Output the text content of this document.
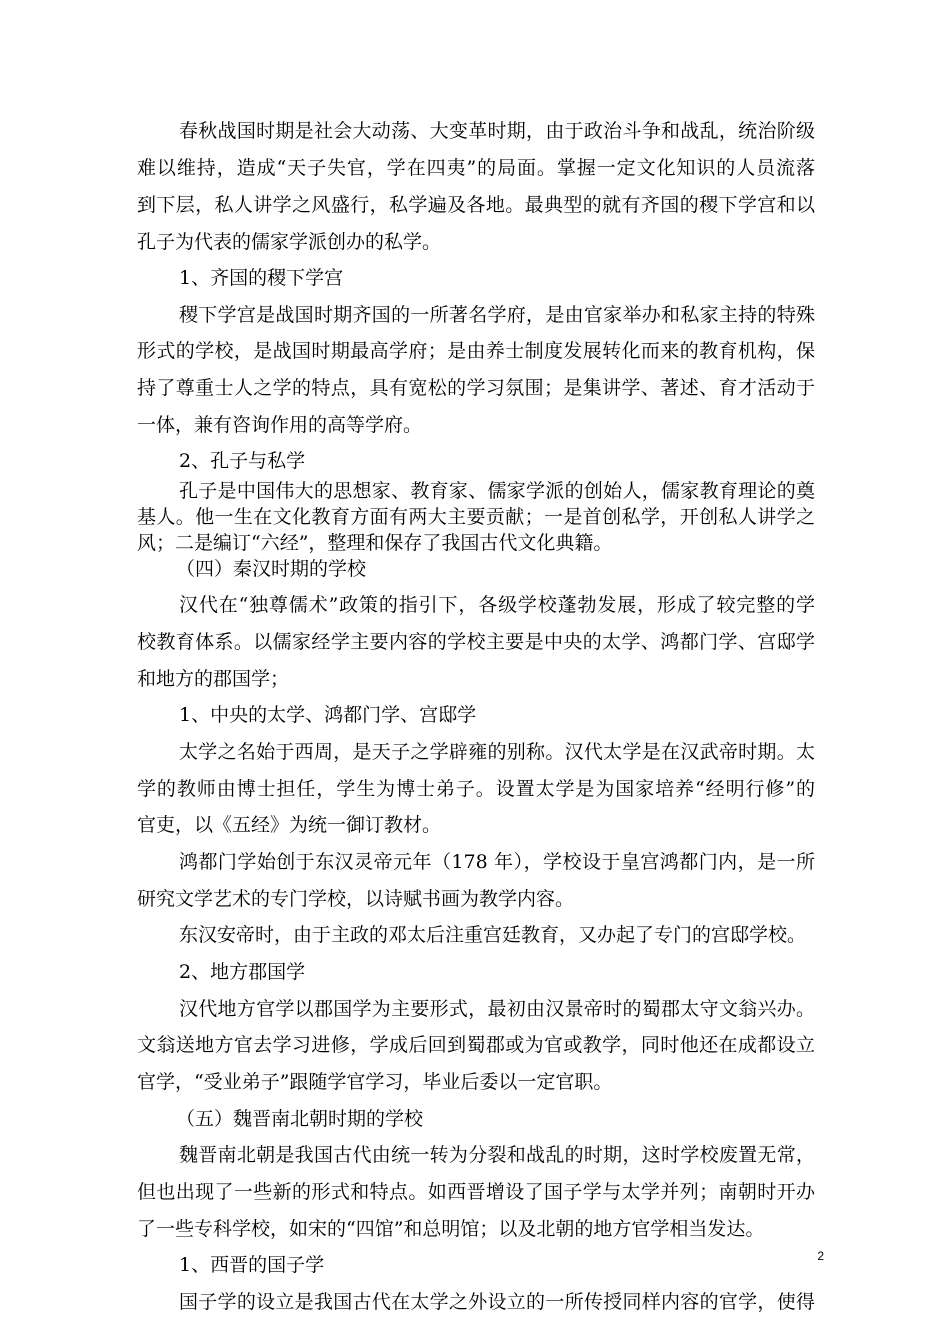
春秋战国时期是社会大动荡、大变革时期，由于政治斗争和战乱，统治阶级
难以维持，造成“天子失官，学在四夷”的局面。掌握一定文化知识的人员流落
到下层，私人讲学之风盛行，私学遍及各地。最典型的就有齐国的稷下学宫和以
孔子为代表的儒家学派创办的私学。
1、齐国的稷下学宫
稷下学宫是战国时期齐国的一所著名学府，是由官家举办和私家主持的特殊
形式的学校，是战国时期最高学府；是由养士制度发展转化而来的教育机构，保
持了尊重士人之学的特点，具有宽松的学习氛围；是集讲学、著述、育才活动于
一体，兼有咨询作用的高等学府。
2、孔子与私学
孔子是中国伟大的思想家、教育家、儒家学派的创始人，儒家教育理论的奠
基人。他一生在文化教育方面有两大主要贡献；一是首创私学，开创私人讲学之
风；二是编订“六经”，整理和保存了我国古代文化典籍。
（四）秦汉时期的学校
汉代在“独尊儒术”政策的指引下，各级学校蓬勃发展，形成了较完整的学
校教育体系。以儒家经学主要内容的学校主要是中央的太学、鸿都门学、宫邸学
和地方的郡国学；
1、中央的太学、鸿都门学、宫邸学
太学之名始于西周，是天子之学辟雍的别称。汉代太学是在汉武帝时期。太
学的教师由博士担任，学生为博士弟子。设置太学是为国家培养“经明行修”的
官吏，以《五经》为统一御订教材。
鸿都门学始创于东汉灵帝元年（178 年），学校设于皇宫鸿都门内，是一所
研究文学艺术的专门学校，以诗赋书画为教学内容。
东汉安帝时，由于主政的邓太后注重宫廷教育，又办起了专门的宫邸学校。
2、地方郡国学
汉代地方官学以郡国学为主要形式，最初由汉景帝时的蜀郡太守文翁兴办。
文翁送地方官去学习进修，学成后回到蜀郡或为官或教学，同时他还在成都设立
官学，“受业弟子”跟随学官学习，毕业后委以一定官职。
（五）魏晋南北朝时期的学校
魏晋南北朝是我国古代由统一转为分裂和战乱的时期，这时学校废置无常，
但也出现了一些新的形式和特点。如西晋增设了国子学与太学并列；南朝时开办
了一些专科学校，如宋的“四馆”和总明馆；以及北朝的地方官学相当发达。
1、西晋的国子学
国子学的设立是我国古代在太学之外设立的一所传授同样内容的官学，使得
2
